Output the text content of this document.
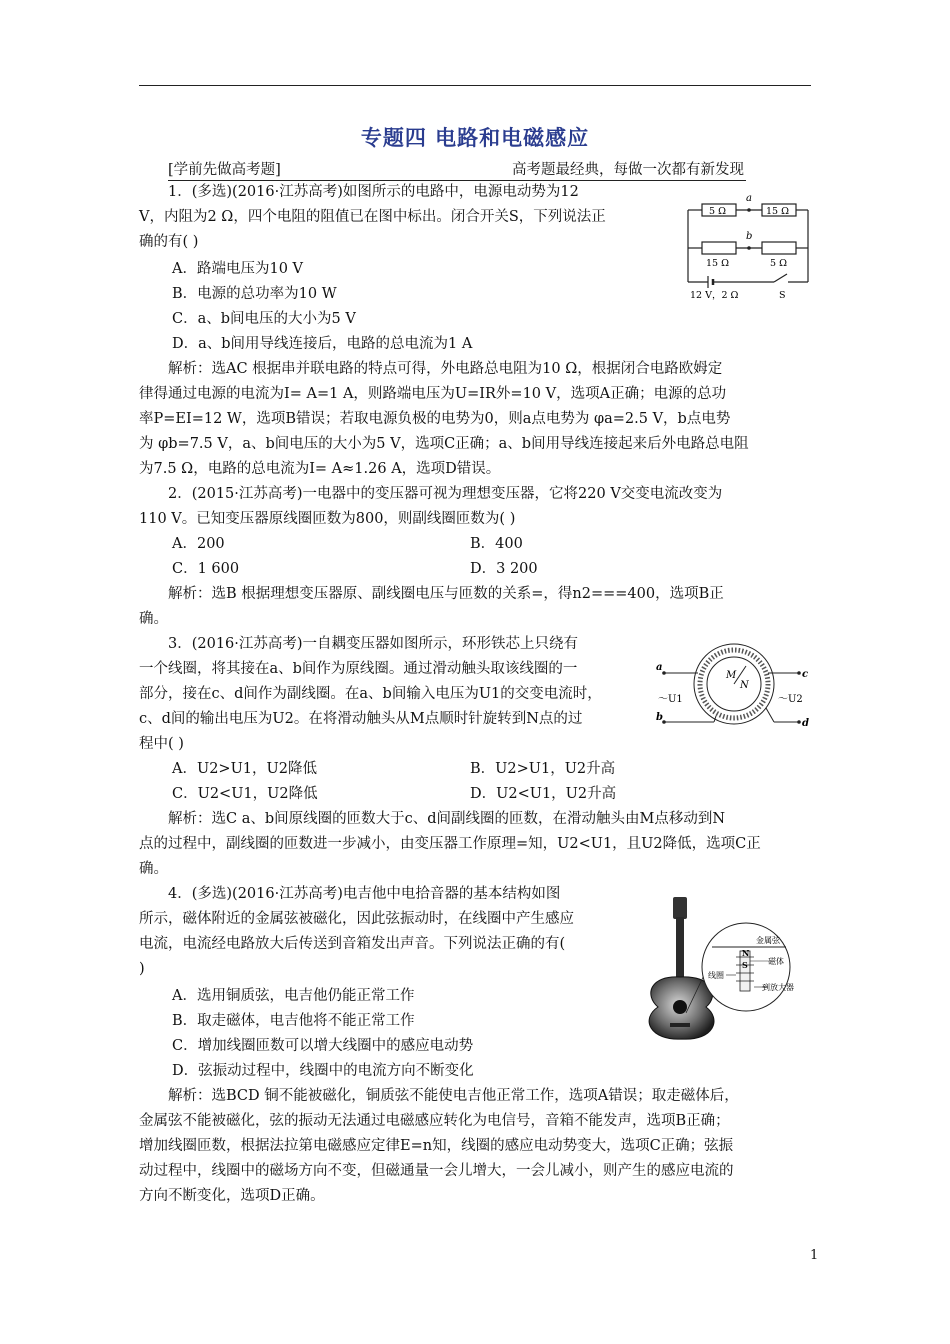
专题四 电路和电磁感应
[学前先做高考题]	高考题最经典，每做一次都有新发现
1．(多选)(2016·江苏高考)如图所示的电路中，电源电动势为12
V，内阻为2 Ω，四个电阻的阻值已在图中标出。闭合开关S，下列说法正
确的有( )
A．路端电压为10 V
B．电源的总功率为10 W
C．a、b间电压的大小为5 V
D．a、b间用导线连接后，电路的总电流为1 A
解析：选AC 根据串并联电路的特点可得，外电路总电阻为10 Ω，根据闭合电路欧姆定
律得通过电源的电流为I= A=1 A，则路端电压为U=IR外=10 V，选项A正确；电源的总功
率P=EI=12 W，选项B错误；若取电源负极的电势为0，则a点电势为 φa=2.5 V，b点电势
为 φb=7.5 V，a、b间电压的大小为5 V，选项C正确；a、b间用导线连接起来后外电路总电阻
为7.5 Ω，电路的总电流为I= A≈1.26 A，选项D错误。
a
b
5 Ω	15 Ω
15 Ω	5 Ω
12 V，2 Ω	S
2．(2015·江苏高考)一电器中的变压器可视为理想变压器，它将220 V交变电流改变为
110 V。已知变压器原线圈匝数为800，则副线圈匝数为( )
A．200	B．400
C．1 600	D．3 200
解析：选B 根据理想变压器原、副线圈电压与匝数的关系=，得n2===400，选项B正
确。
3．(2016·江苏高考)一自耦变压器如图所示，环形铁芯上只绕有
一个线圈，将其接在a、b间作为原线圈。通过滑动触头取该线圈的一
部分，接在c、d间作为副线圈。在a、b间输入电压为U1的交变电流时，
c、d间的输出电压为U2。在将滑动触头从M点顺时针旋转到N点的过
程中( )
A．U2>U1，U2降低	B．U2>U1，U2升高
C．U2<U1，U2降低	D．U2<U1，U2升高
解析：选C a、b间原线圈的匝数大于c、d间副线圈的匝数，在滑动触头由M点移动到N
点的过程中，副线圈的匝数进一步减小，由变压器工作原理=知，U2<U1，且U2降低，选项C正
确。
a
b
c
d
M
N
～U1	～U2
4．(多选)(2016·江苏高考)电吉他中电拾音器的基本结构如图
所示，磁体附近的金属弦被磁化，因此弦振动时，在线圈中产生感应
电流，电流经电路放大后传送到音箱发出声音。下列说法正确的有(
)
A．选用铜质弦，电吉他仍能正常工作
B．取走磁体，电吉他将不能正常工作
C．增加线圈匝数可以增大线圈中的感应电动势
D．弦振动过程中，线圈中的电流方向不断变化
解析：选BCD 铜不能被磁化，铜质弦不能使电吉他正常工作，选项A错误；取走磁体后，
金属弦不能被磁化，弦的振动无法通过电磁感应转化为电信号，音箱不能发声，选项B正确；
增加线圈匝数，根据法拉第电磁感应定律E=n知，线圈的感应电动势变大，选项C正确；弦振
动过程中，线圈中的磁场方向不变，但磁通量一会儿增大，一会儿减小，则产生的感应电流的
方向不断变化，选项D正确。
N
S
金属弦
磁体
线圈
到放大器
1
